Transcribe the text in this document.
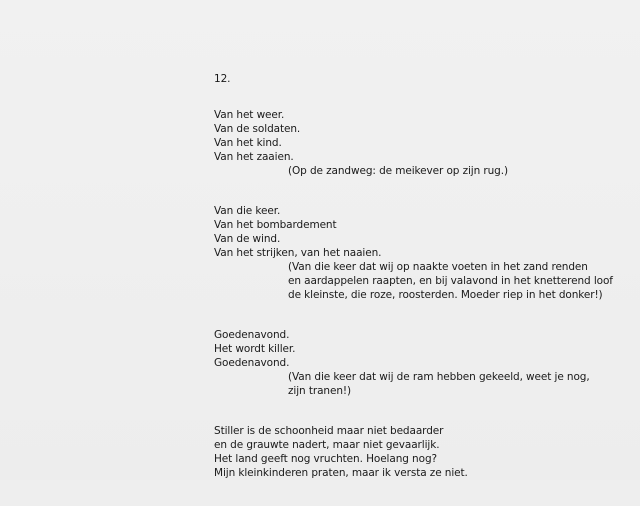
12.
Van het weer.
Van de soldaten.
Van het kind.
Van het zaaien.
(Op de zandweg: de meikever op zijn rug.)
Van die keer.
Van het bombardement
Van de wind.
Van het strijken, van het naaien.
(Van die keer dat wij op naakte voeten in het zand renden
en aardappelen raapten, en bij valavond in het knetterend loof
de kleinste, die roze, roosterden. Moeder riep in het donker!)
Goedenavond.
Het wordt killer.
Goedenavond.
(Van die keer dat wij de ram hebben gekeeld, weet je nog,
zijn tranen!)
Stiller is de schoonheid maar niet bedaarder
en de grauwte nadert, maar niet gevaarlijk.
Het land geeft nog vruchten. Hoelang nog?
Mijn kleinkinderen praten, maar ik versta ze niet.
